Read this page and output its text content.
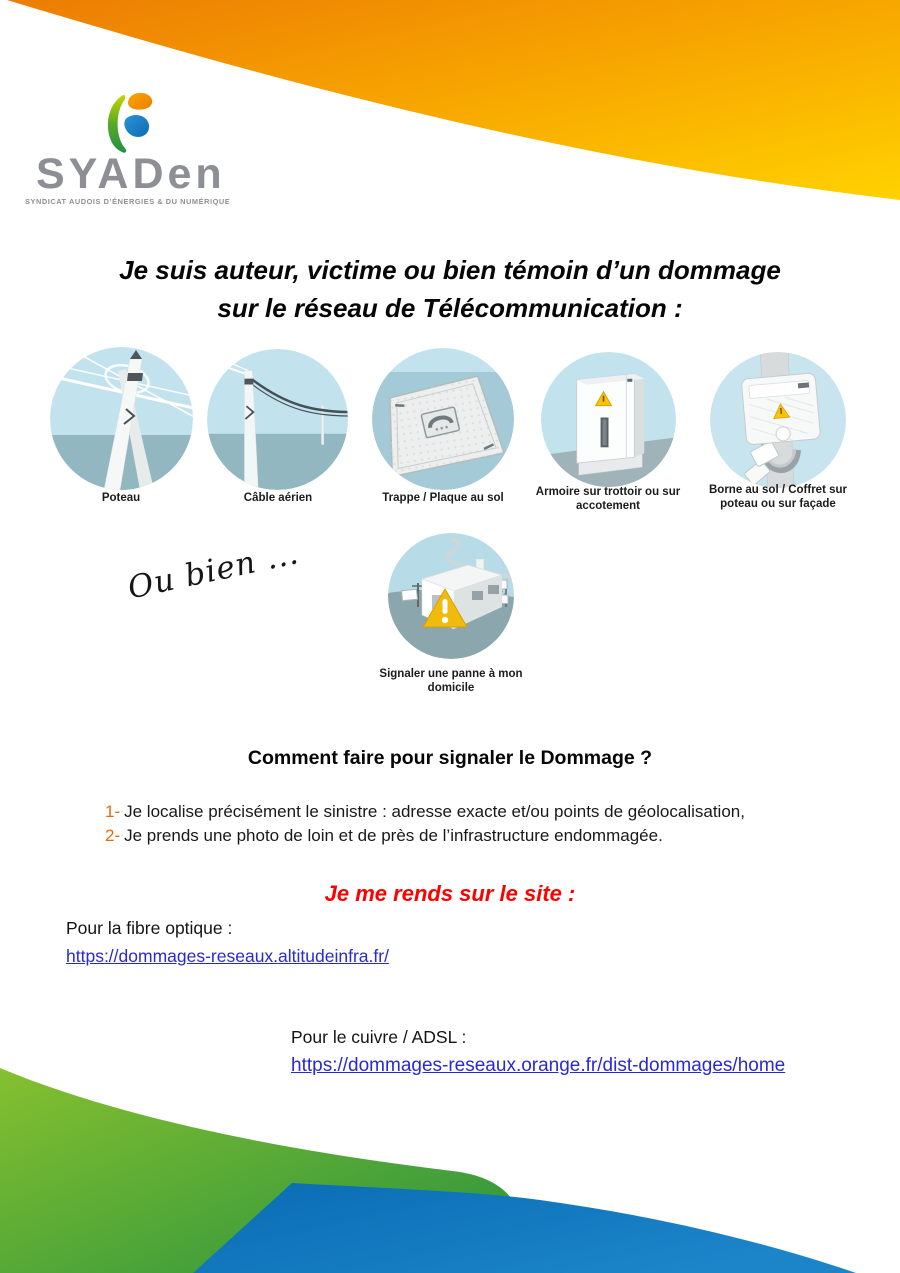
SYADen
SYNDICAT AUDOIS D’ÉNERGIES & DU NUMÉRIQUE
Je suis auteur, victime ou bien témoin d’un dommage
sur le réseau de Télécommunication :
Poteau	Câble aérien	Trappe / Plaque au sol	Armoire sur trottoir ou sur accotement
Borne au sol / Coffret sur poteau ou sur façade
Ou bien ...
Signaler une panne à mon domicile
Comment faire pour signaler le Dommage ?
1- Je localise précisément le sinistre : adresse exacte et/ou points de géolocalisation,
2- Je prends une photo de loin et de près de l’infrastructure endommagée.
Je me rends sur le site :
Pour la fibre optique :
https://dommages-reseaux.altitudeinfra.fr/
Pour le cuivre / ADSL :
https://dommages-reseaux.orange.fr/dist-dommages/home
